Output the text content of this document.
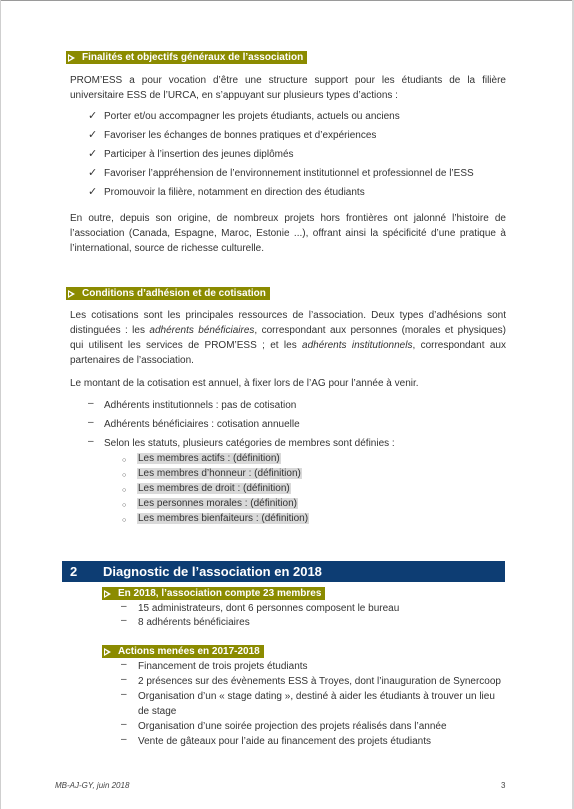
Finalités et objectifs généraux de l’association
PROM’ESS a pour vocation d’être une structure support pour les étudiants de la filière
universitaire ESS de l’URCA, en s’appuyant sur plusieurs types d’actions :
✓ Porter et/ou accompagner les projets étudiants, actuels ou anciens
✓ Favoriser les échanges de bonnes pratiques et d’expériences
✓ Participer à l’insertion des jeunes diplômés
✓ Favoriser l’appréhension de l’environnement institutionnel et professionnel de l’ESS
✓ Promouvoir la filière, notamment en direction des étudiants
En outre, depuis son origine, de nombreux projets hors frontières ont jalonné l’histoire de
l’association (Canada, Espagne, Maroc, Estonie ...), offrant ainsi la spécificité d’une pratique à
l’international, source de richesse culturelle.
Conditions d’adhésion et de cotisation
Les cotisations sont les principales ressources de l’association. Deux types d’adhésions sont
distinguées : les adhérents bénéficiaires, correspondant aux personnes (morales et physiques)
qui utilisent les services de PROM’ESS ; et les adhérents institutionnels, correspondant aux
partenaires de l’association.
Le montant de la cotisation est annuel, à fixer lors de l’AG pour l’année à venir.
– Adhérents institutionnels : pas de cotisation
– Adhérents bénéficiaires : cotisation annuelle
– Selon les statuts, plusieurs catégories de membres sont définies :
○ Les membres actifs : (définition)
○ Les membres d’honneur : (définition)
○ Les membres de droit : (définition)
○ Les personnes morales : (définition)
○ Les membres bienfaiteurs : (définition)
2 Diagnostic de l’association en 2018
En 2018, l’association compte 23 membres
– 15 administrateurs, dont 6 personnes composent le bureau
– 8 adhérents bénéficiaires
Actions menées en 2017-2018
– Financement de trois projets étudiants
– 2 présences sur des évènements ESS à Troyes, dont l’inauguration de Synercoop
– Organisation d’un « stage dating », destiné à aider les étudiants à trouver un lieu
de stage
– Organisation d’une soirée projection des projets réalisés dans l’année
– Vente de gâteaux pour l’aide au financement des projets étudiants
MB-AJ-GY, juin 2018	3
